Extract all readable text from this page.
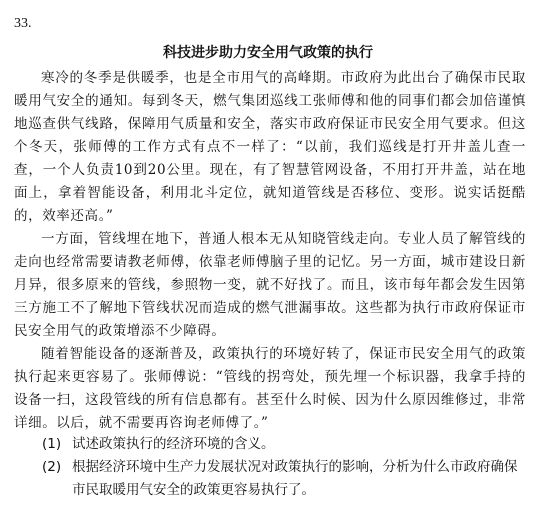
33.
科技进步助力安全用气政策的执行

寒冷的冬季是供暖季，也是全市用气的高峰期。市政府为此出台了确保市民取暖用气安全的通知。每到冬天，燃气集团巡线工张师傅和他的同事们都会加倍谨慎地巡查供气线路，保障用气质量和安全，落实市政府保证市民安全用气要求。但这个冬天，张师傅的工作方式有点不一样了：“以前，我们巡线是打开井盖儿查一查，一个人负责10到20公里。现在，有了智慧管网设备，不用打开井盖，站在地面上，拿着智能设备，利用北斗定位，就知道管线是否移位、变形。说实话挺酷的，效率还高。”

一方面，管线埋在地下，普通人根本无从知晓管线走向。专业人员了解管线的走向也经常需要请教老师傅，依靠老师傅脑子里的记忆。另一方面，城市建设日新月异，很多原来的管线，参照物一变，就不好找了。而且，该市每年都会发生因第三方施工不了解地下管线状况而造成的燃气泄漏事故。这些都为执行市政府保证市民安全用气的政策增添不少障碍。

随着智能设备的逐渐普及，政策执行的环境好转了，保证市民安全用气的政策执行起来更容易了。张师傅说：“管线的拐弯处，预先埋一个标识器，我拿手持的设备一扫，这段管线的所有信息都有。甚至什么时候、因为什么原因维修过，非常详细。以后，就不需要再咨询老师傅了。”

(1) 试述政策执行的经济环境的含义。

(2) 根据经济环境中生产力发展状况对政策执行的影响，分析为什么市政府确保市民取暖用气安全的政策更容易执行了。
